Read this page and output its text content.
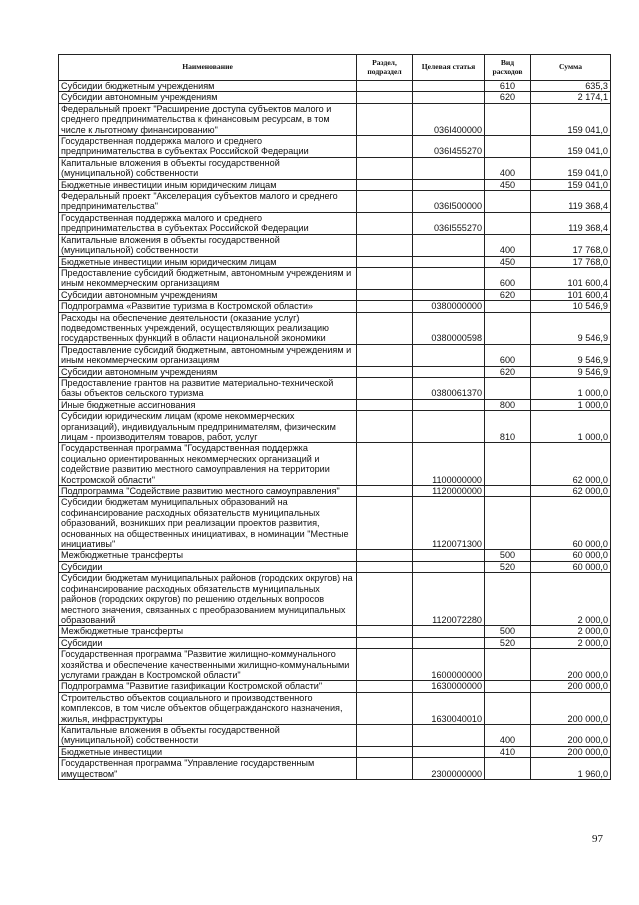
Наименование	Раздел, подраздел	Целевая статья	Вид расходов	Сумма
Субсидии бюджетным учреждениям			610	635,3
Субсидии автономным учреждениям			620	2 174,1
Федеральный проект "Расширение доступа субъектов малого и среднего предпринимательства к финансовым ресурсам, в том числе к льготному финансированию"		036I400000		159 041,0
Государственная поддержка малого и среднего предпринимательства в субъектах Российской Федерации		036I455270		159 041,0
Капитальные вложения в объекты государственной (муниципальной) собственности			400	159 041,0
Бюджетные инвестиции иным юридическим лицам			450	159 041,0
Федеральный проект "Акселерация субъектов малого и среднего предпринимательства"		036I500000		119 368,4
Государственная поддержка малого и среднего предпринимательства в субъектах Российской Федерации		036I555270		119 368,4
Капитальные вложения в объекты государственной (муниципальной) собственности			400	17 768,0
Бюджетные инвестиции иным юридическим лицам			450	17 768,0
Предоставление субсидий бюджетным, автономным учреждениям и иным некоммерческим организациям			600	101 600,4
Субсидии автономным учреждениям			620	101 600,4
Подпрограмма «Развитие туризма в Костромской области»		0380000000		10 546,9
Расходы на обеспечение деятельности (оказание услуг) подведомственных учреждений, осуществляющих реализацию государственных функций в области национальной экономики		0380000598		9 546,9
Предоставление субсидий бюджетным, автономным учреждениям и иным некоммерческим организациям			600	9 546,9
Субсидии автономным учреждениям			620	9 546,9
Предоставление грантов на развитие материально-технической базы объектов сельского туризма		0380061370		1 000,0
Иные бюджетные ассигнования			800	1 000,0
Субсидии юридическим лицам (кроме некоммерческих организаций), индивидуальным предпринимателям, физическим лицам - производителям товаров, работ, услуг			810	1 000,0
Государственная программа "Государственная поддержка социально ориентированных некоммерческих организаций и содействие развитию местного самоуправления на территории Костромской области"		1100000000		62 000,0
Подпрограмма "Содействие развитию местного самоуправления"		1120000000		62 000,0
Субсидии бюджетам муниципальных образований на софинансирование расходных обязательств муниципальных образований, возникших при реализации проектов развития, основанных на общественных инициативах, в номинации "Местные инициативы"		1120071300		60 000,0
Межбюджетные трансферты			500	60 000,0
Субсидии			520	60 000,0
Субсидии бюджетам муниципальных районов (городских округов) на софинансирование расходных обязательств муниципальных районов (городских округов) по решению отдельных вопросов местного значения, связанных с преобразованием муниципальных образований		1120072280		2 000,0
Межбюджетные трансферты			500	2 000,0
Субсидии			520	2 000,0
Государственная программа "Развитие жилищно-коммунального хозяйства и обеспечение качественными жилищно-коммунальными услугами граждан в Костромской области"		1600000000		200 000,0
Подпрограмма "Развитие газификации Костромской области"		1630000000		200 000,0
Строительство объектов социального и производственного комплексов, в том числе объектов общегражданского назначения, жилья, инфраструктуры		1630040010		200 000,0
Капитальные вложения в объекты государственной (муниципальной) собственности			400	200 000,0
Бюджетные инвестиции			410	200 000,0
Государственная программа "Управление государственным имуществом"		2300000000		1 960,0
97
